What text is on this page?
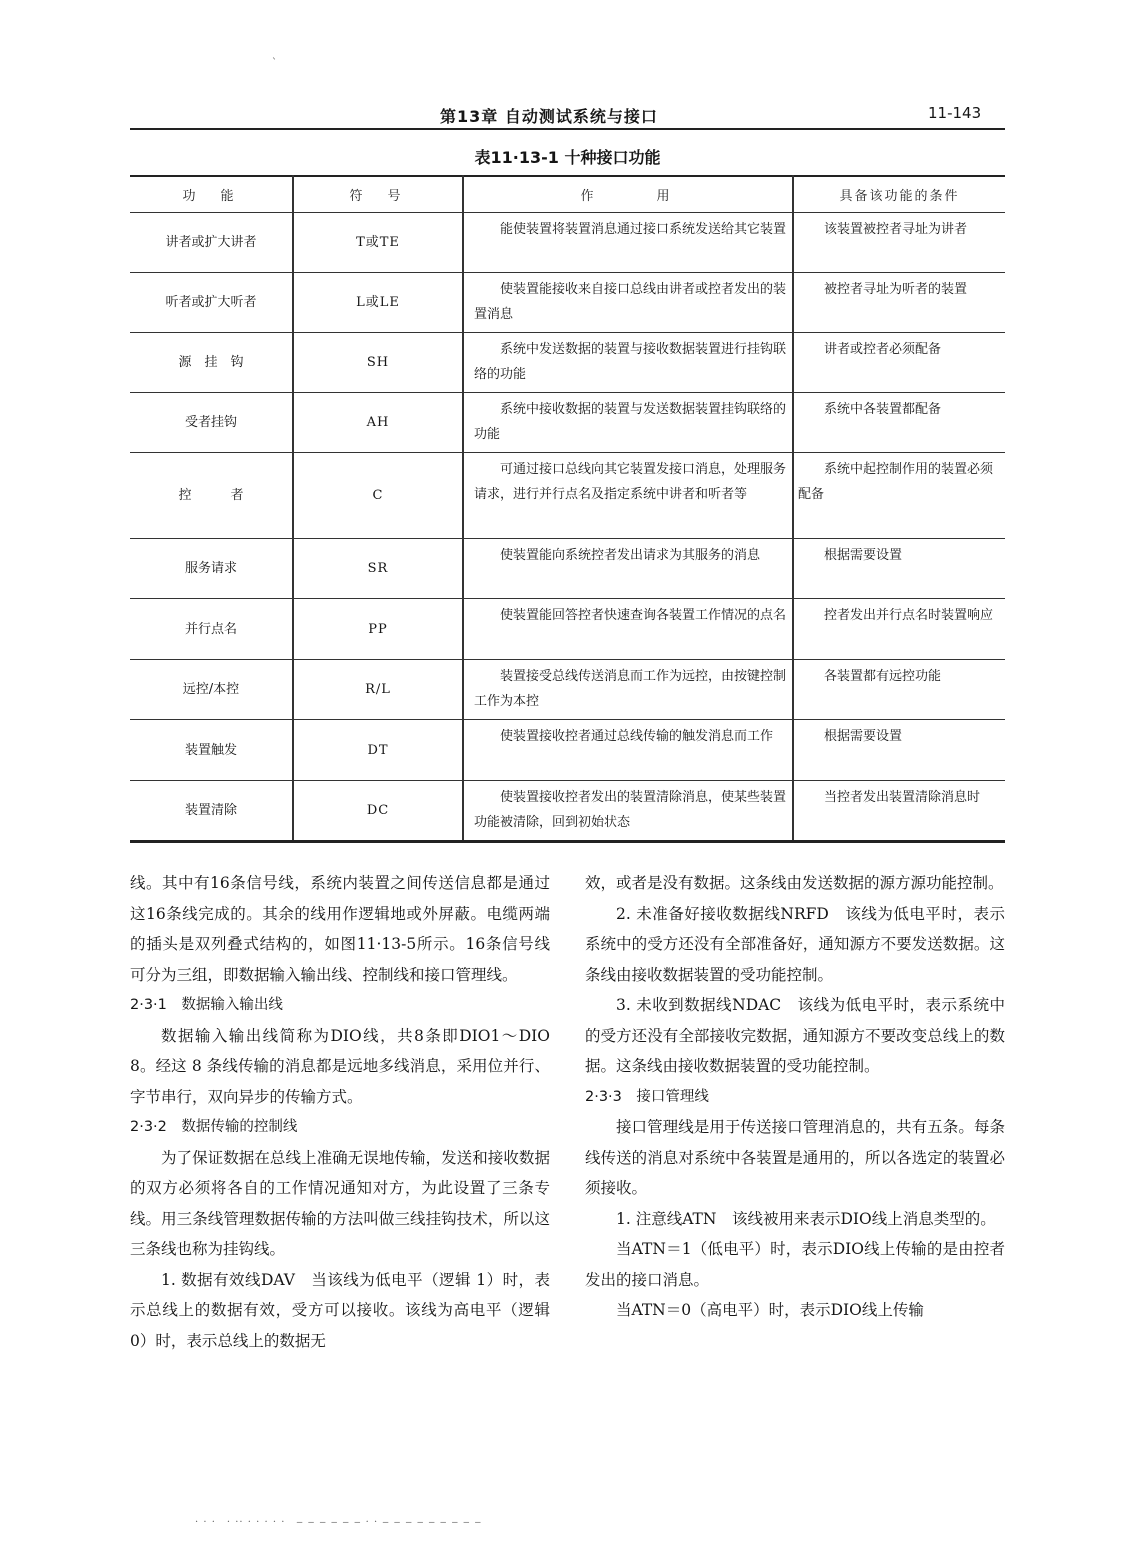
ˋ
第13章 自动测试系统与接口	11-143
表11·13-1 十种接口功能
功　能	符　号	作　　　用	具备该功能的条件
讲者或扩大讲者	T或TE	能使装置将装置消息通过接口系统发送给其它装置	该装置被控者寻址为讲者
听者或扩大听者	L或LE	使装置能接收来自接口总线由讲者或控者发出的装置消息	被控者寻址为听者的装置
源　挂　钩	SH	系统中发送数据的装置与接收数据装置进行挂钩联络的功能	讲者或控者必须配备
受者挂钩	AH	系统中接收数据的装置与发送数据装置挂钩联络的功能	系统中各装置都配备
控　　　者	C	可通过接口总线向其它装置发接口消息，处理服务请求，进行并行点名及指定系统中讲者和听者等	系统中起控制作用的装置必须配备
服务请求	SR	使装置能向系统控者发出请求为其服务的消息	根据需要设置
并行点名	PP	使装置能回答控者快速查询各装置工作情况的点名	控者发出并行点名时装置响应
远控/本控	R/L	装置接受总线传送消息而工作为远控，由按键控制工作为本控	各装置都有远控功能
装置触发	DT	使装置接收控者通过总线传输的触发消息而工作	根据需要设置
装置清除	DC	使装置接收控者发出的装置清除消息，使某些装置功能被清除，回到初始状态	当控者发出装置清除消息时

线。其中有16条信号线，系统内装置之间传送信息都是通过这16条线完成的。其余的线用作逻辑地或外屏蔽。电缆两端的插头是双列叠式结构的，如图11·13-5所示。16条信号线可分为三组，即数据输入输出线、控制线和接口管理线。

2·3·1　数据输入输出线

数据输入输出线简称为DIO线，共8条即DIO1～DIO 8。经这 8 条线传输的消息都是远地多线消息，采用位并行、字节串行，双向异步的传输方式。

2·3·2　数据传输的控制线

为了保证数据在总线上准确无误地传输，发送和接收数据的双方必须将各自的工作情况通知对方，为此设置了三条专线。用三条线管理数据传输的方法叫做三线挂钩技术，所以这三条线也称为挂钩线。

1. 数据有效线DAV　当该线为低电平（逻辑 1）时，表示总线上的数据有效，受方可以接收。该线为高电平（逻辑 0）时，表示总线上的数据无

效，或者是没有数据。这条线由发送数据的源方源功能控制。

2. 未准备好接收数据线NRFD　该线为低电平时，表示系统中的受方还没有全部准备好，通知源方不要发送数据。这条线由接收数据装置的受功能控制。

3. 未收到数据线NDAC　该线为低电平时，表示系统中的受方还没有全部接收完数据，通知源方不要改变总线上的数据。这条线由接收数据装置的受功能控制。

2·3·3　接口管理线

接口管理线是用于传送接口管理消息的，共有五条。每条线传送的消息对系统中各装置是通用的，所以各选定的装置必须接收。

1. 注意线ATN　该线被用来表示DIO线上消息类型的。

当ATN＝1（低电平）时，表示DIO线上传输的是由控者发出的接口消息。

当ATN＝0（高电平）时，表示DIO线上传输

· · ·　· ·· · · · · ·　‒ ‒ ‒ ‒ ‒ ‒ · · ‒ ‒ ‒ ‒ ‒ ‒ ‒ ‒ ‒
